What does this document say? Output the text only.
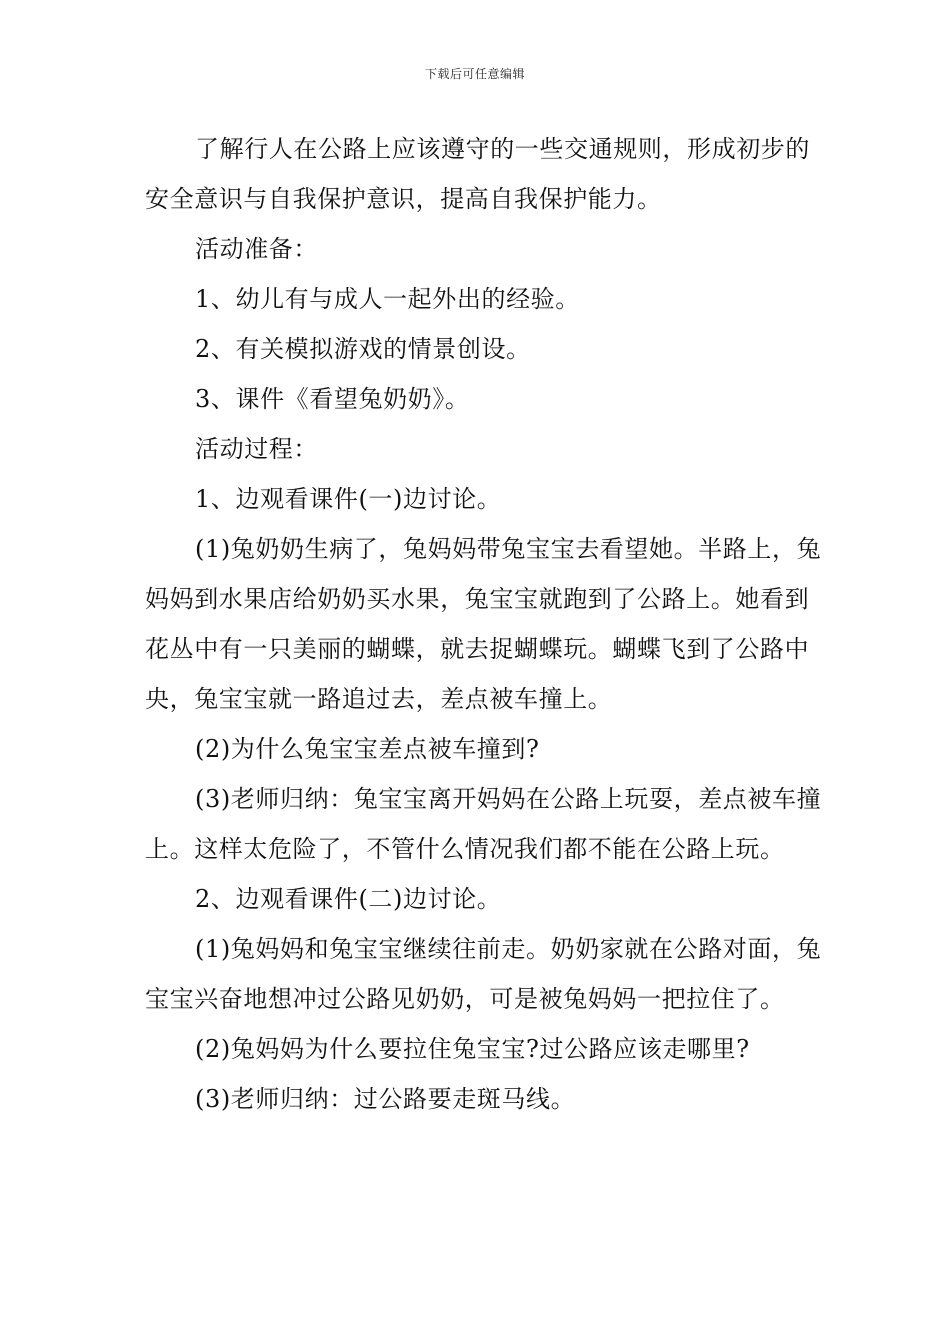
下载后可任意编辑

了解行人在公路上应该遵守的一些交通规则，形成初步的安全意识与自我保护意识，提高自我保护能力。

活动准备：

1、幼儿有与成人一起外出的经验。

2、有关模拟游戏的情景创设。

3、课件《看望兔奶奶》。

活动过程：

1、边观看课件(一)边讨论。

(1)兔奶奶生病了，兔妈妈带兔宝宝去看望她。半路上，兔妈妈到水果店给奶奶买水果，兔宝宝就跑到了公路上。她看到花丛中有一只美丽的蝴蝶，就去捉蝴蝶玩。蝴蝶飞到了公路中央，兔宝宝就一路追过去，差点被车撞上。

(2)为什么兔宝宝差点被车撞到?

(3)老师归纳：兔宝宝离开妈妈在公路上玩耍，差点被车撞上。这样太危险了，不管什么情况我们都不能在公路上玩。

2、边观看课件(二)边讨论。

(1)兔妈妈和兔宝宝继续往前走。奶奶家就在公路对面，兔宝宝兴奋地想冲过公路见奶奶，可是被兔妈妈一把拉住了。

(2)兔妈妈为什么要拉住兔宝宝?过公路应该走哪里?

(3)老师归纳：过公路要走斑马线。
